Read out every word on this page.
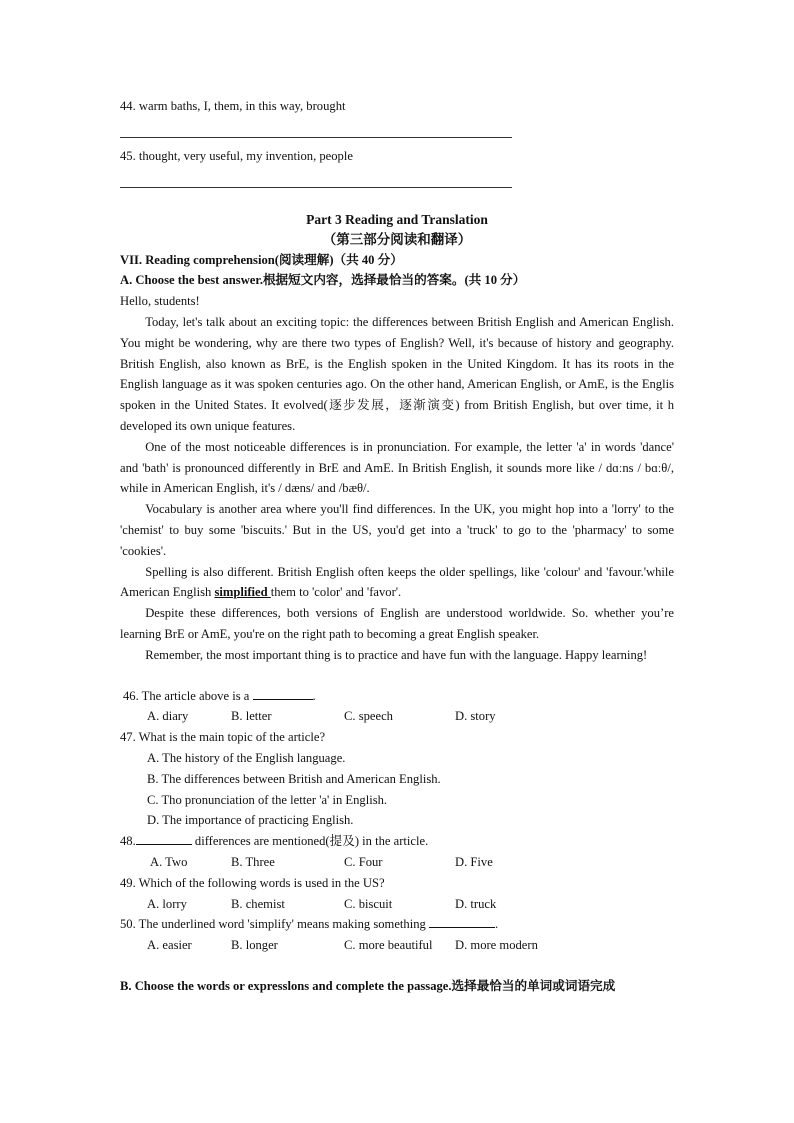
44. warm baths, I, them, in this way, brought
45. thought, very useful, my invention, people
Part 3 Reading and Translation
（第三部分阅读和翻译）
VII. Reading comprehension(阅读理解)（共 40 分）
A. Choose the best answer.根据短文内容，选择最恰当的答案。(共 10 分）
Hello, students!

Today, let's talk about an exciting topic: the differences between British English and American English. You might be wondering, why are there two types of English? Well, it's because of history and geography. British English, also known as BrE, is the English spoken in the United Kingdom. It has its roots in the English language as it was spoken centuries ago. On the other hand, American English, or AmE, is the Englis spoken in the United States. It evolved(逐步发展，逐渐演变) from British English, but over time, it h developed its own unique features.

One of the most noticeable differences is in pronunciation. For example, the letter 'a' in words 'dance' and 'bath' is pronounced differently in BrE and AmE. In British English, it sounds more like / dɑːns / bɑːθ/, while in American English, it's / dæns/ and /bæθ/.

Vocabulary is another area where you'll find differences. In the UK, you might hop into a 'lorry' to the 'chemist' to buy some 'biscuits.' But in the US, you'd get into a 'truck' to go to the 'pharmacy' to some 'cookies'.

Spelling is also different. British English often keeps the older spellings, like 'colour' and 'favour.'while American English simplified them to 'color' and 'favor'.

Despite these differences, both versions of English are understood worldwide. So. whether you’re learning BrE or AmE, you're on the right path to becoming a great English speaker.

Remember, the most important thing is to practice and have fun with the language. Happy learning!

46. The article above is a	.
A. diary	B. letter	C. speech	D. story
47. What is the main topic of the article?
A. The history of the English language.
B. The differences between British and American English.
C. Tho pronunciation of the letter 'a' in English.
D. The importance of practicing English.
48.	differences are mentioned(提及) in the article.
A. Two	B. Three	C. Four	D. Five
49. Which of the following words is used in the US?
A. lorry	B. chemist	C. biscuit	D. truck
50. The underlined word 'simplify' means making something	.
A. easier	B. longer	C. more beautiful	D. more modern
B. Choose the words or expresslons and complete the passage.选择最恰当的单词或词语完成
